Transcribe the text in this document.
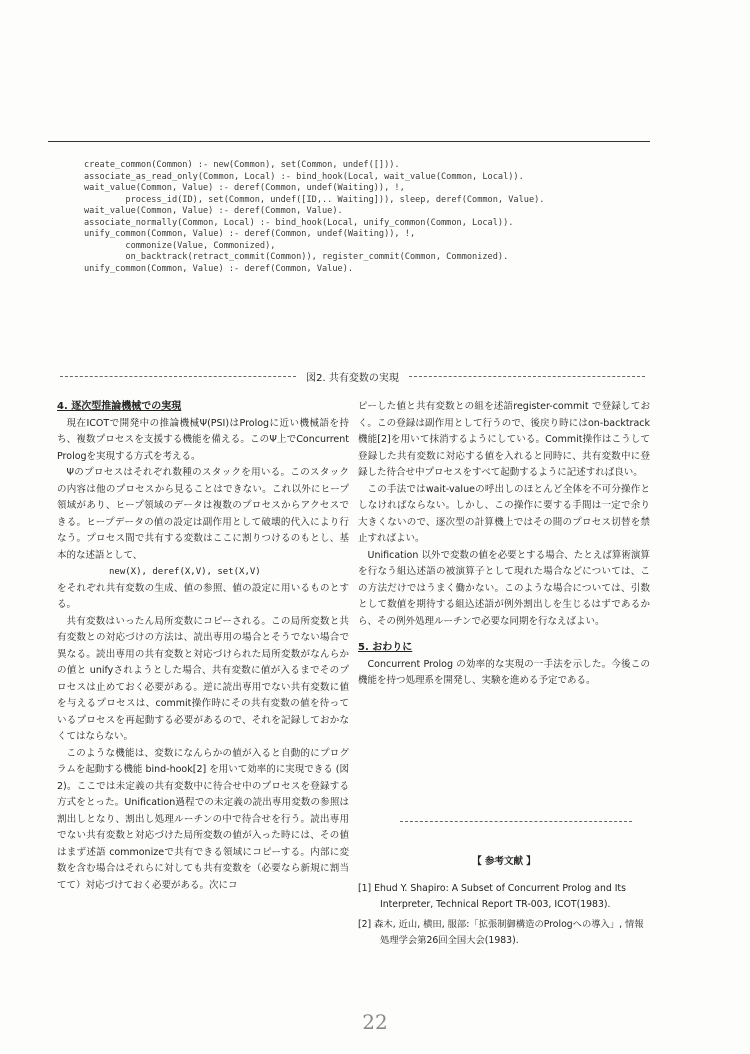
create_common(Common) :- new(Common), set(Common, undef([])).
associate_as_read_only(Common, Local) :- bind_hook(Local, wait_value(Common, Local)).
wait_value(Common, Value) :- deref(Common, undef(Waiting)), !,
process_id(ID), set(Common, undef([ID,.. Waiting])), sleep, deref(Common, Value).
wait_value(Common, Value) :- deref(Common, Value).
associate_normally(Common, Local) :- bind_hook(Local, unify_common(Common, Local)).
unify_common(Common, Value) :- deref(Common, undef(Waiting)), !,
commonize(Value, Commonized),
on_backtrack(retract_commit(Common)), register_commit(Common, Commonized).
unify_common(Common, Value) :- deref(Common, Value).
図2. 共有変数の実現

4. 逐次型推論機械での実現

現在ICOTで開発中の推論機械Ψ(PSI)はPrologに近い機械語を持ち、複数プロセスを支援する機能を備える。このΨ上でConcurrent Prologを実現する方式を考える。

Ψのプロセスはそれぞれ数種のスタックを用いる。このスタックの内容は他のプロセスから見ることはできない。これ以外にヒープ領域があり、ヒープ領域のデータは複数のプロセスからアクセスできる。ヒープデータの値の設定は副作用として破壊的代入により行なう。プロセス間で共有する変数はここに割りつけるのもとし、基本的な述語として、

new(X), deref(X,V), set(X,V)

をそれぞれ共有変数の生成、値の参照、値の設定に用いるものとする。

共有変数はいったん局所変数にコピーされる。この局所変数と共有変数との対応づけの方法は、読出専用の場合とそうでない場合で異なる。読出専用の共有変数と対応づけられた局所変数がなんらかの値と unifyされようとした場合、共有変数に値が入るまでそのプロセスは止めておく必要がある。逆に読出専用でない共有変数に値を与えるプロセスは、commit操作時にその共有変数の値を待っているプロセスを再起動する必要があるので、それを記録しておかなくてはならない。

このような機能は、変数になんらかの値が入ると自動的にプログラムを起動する機能 bind-hook[2] を用いて効率的に実現できる (図2)。ここでは未定義の共有変数中に待合せ中のプロセスを登録する方式をとった。Unification過程での未定義の読出専用変数の参照は割出しとなり、割出し処理ルーチンの中で待合せを行う。読出専用でない共有変数と対応づけた局所変数の値が入った時には、その値はまず述語 commonizeで共有できる領域にコピーする。内部に変数を含む場合はそれらに対しても共有変数を（必要なら新規に割当てて）対応づけておく必要がある。次にコ

ピーした値と共有変数との組を述語register-commit で登録しておく。この登録は副作用として行うので、後戻り時にはon-backtrack機能[2]を用いて抹消するようにしている。Commit操作はこうして登録した共有変数に対応する値を入れると同時に、共有変数中に登録した待合せ中プロセスをすべて起動するように記述すれば良い。

この手法ではwait-valueの呼出しのほとんど全体を不可分操作としなければならない。しかし、この操作に要する手間は一定で余り大きくないので、逐次型の計算機上ではその間のプロセス切替を禁止すればよい。

Unification 以外で変数の値を必要とする場合、たとえば算術演算を行なう組込述語の被演算子として現れた場合などについては、この方法だけではうまく働かない。このような場合については、引数として数値を期待する組込述語が例外割出しを生じるはずであるから、その例外処理ルーチンで必要な同期を行なえばよい。

5. おわりに

Concurrent Prolog の効率的な実現の一手法を示した。今後この機能を持つ処理系を開発し、実験を進める予定である。

【 参考文献 】

[1] Ehud Y. Shapiro: A Subset of Concurrent Prolog and Its Interpreter, Technical Report TR-003, ICOT(1983).

[2] 森木, 近山, 横田, 服部:「拡張制御構造のPrologへの導入」, 情報処理学会第26回全国大会(1983).

22
